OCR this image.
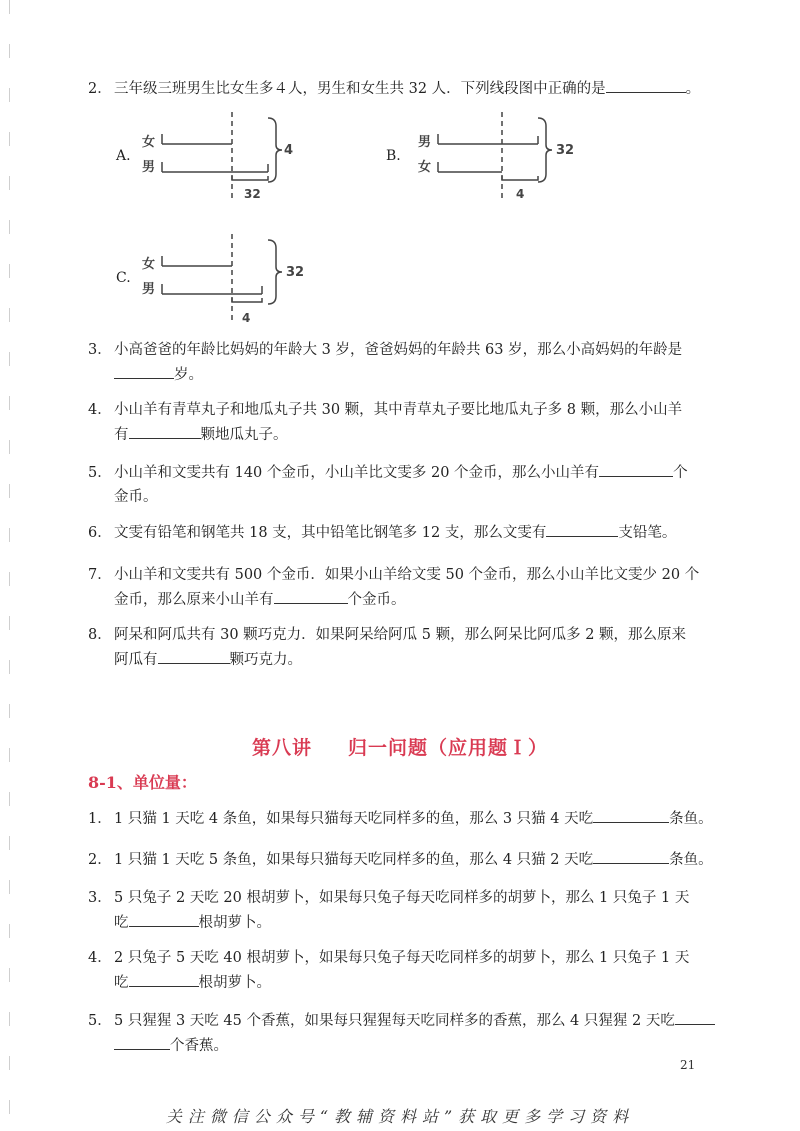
2． 三年级三班男生比女生多４人，男生和女生共 32 人．下列线段图中正确的是	。
A.
女
男
4
32
B.
男
女
32
4
C.
女
男
32
4
3． 小高爸爸的年龄比妈妈的年龄大 3 岁，爸爸妈妈的年龄共 63 岁，那么小高妈妈的年龄是
岁。
4． 小山羊有青草丸子和地瓜丸子共 30 颗，其中青草丸子要比地瓜丸子多 8 颗，那么小山羊
有	颗地瓜丸子。
5． 小山羊和文雯共有 140 个金币，小山羊比文雯多 20 个金币，那么小山羊有	个
金币。
6． 文雯有铅笔和钢笔共 18 支，其中铅笔比钢笔多 12 支，那么文雯有	支铅笔。
7． 小山羊和文雯共有 500 个金币．如果小山羊给文雯 50 个金币，那么小山羊比文雯少 20 个
金币，那么原来小山羊有	个金币。
8． 阿呆和阿瓜共有 30 颗巧克力．如果阿呆给阿瓜 5 颗，那么阿呆比阿瓜多 2 颗，那么原来
阿瓜有	颗巧克力。
第八讲 归一问题（应用题Ｉ）
8-1、单位量：
1． 1 只猫 1 天吃 4 条鱼，如果每只猫每天吃同样多的鱼，那么 3 只猫 4 天吃	条鱼。
2． 1 只猫 1 天吃 5 条鱼，如果每只猫每天吃同样多的鱼，那么 4 只猫 2 天吃	条鱼。
3． 5 只兔子 2 天吃 20 根胡萝卜，如果每只兔子每天吃同样多的胡萝卜，那么 1 只兔子 1 天
吃	根胡萝卜。
4． 2 只兔子 5 天吃 40 根胡萝卜，如果每只兔子每天吃同样多的胡萝卜，那么 1 只兔子 1 天
吃	根胡萝卜。
5． 5 只猩猩 3 天吃 45 个香蕉，如果每只猩猩每天吃同样多的香蕉，那么 4 只猩猩 2 天吃
个香蕉。
21
关注微信公众号“教辅资料站”获取更多学习资料
